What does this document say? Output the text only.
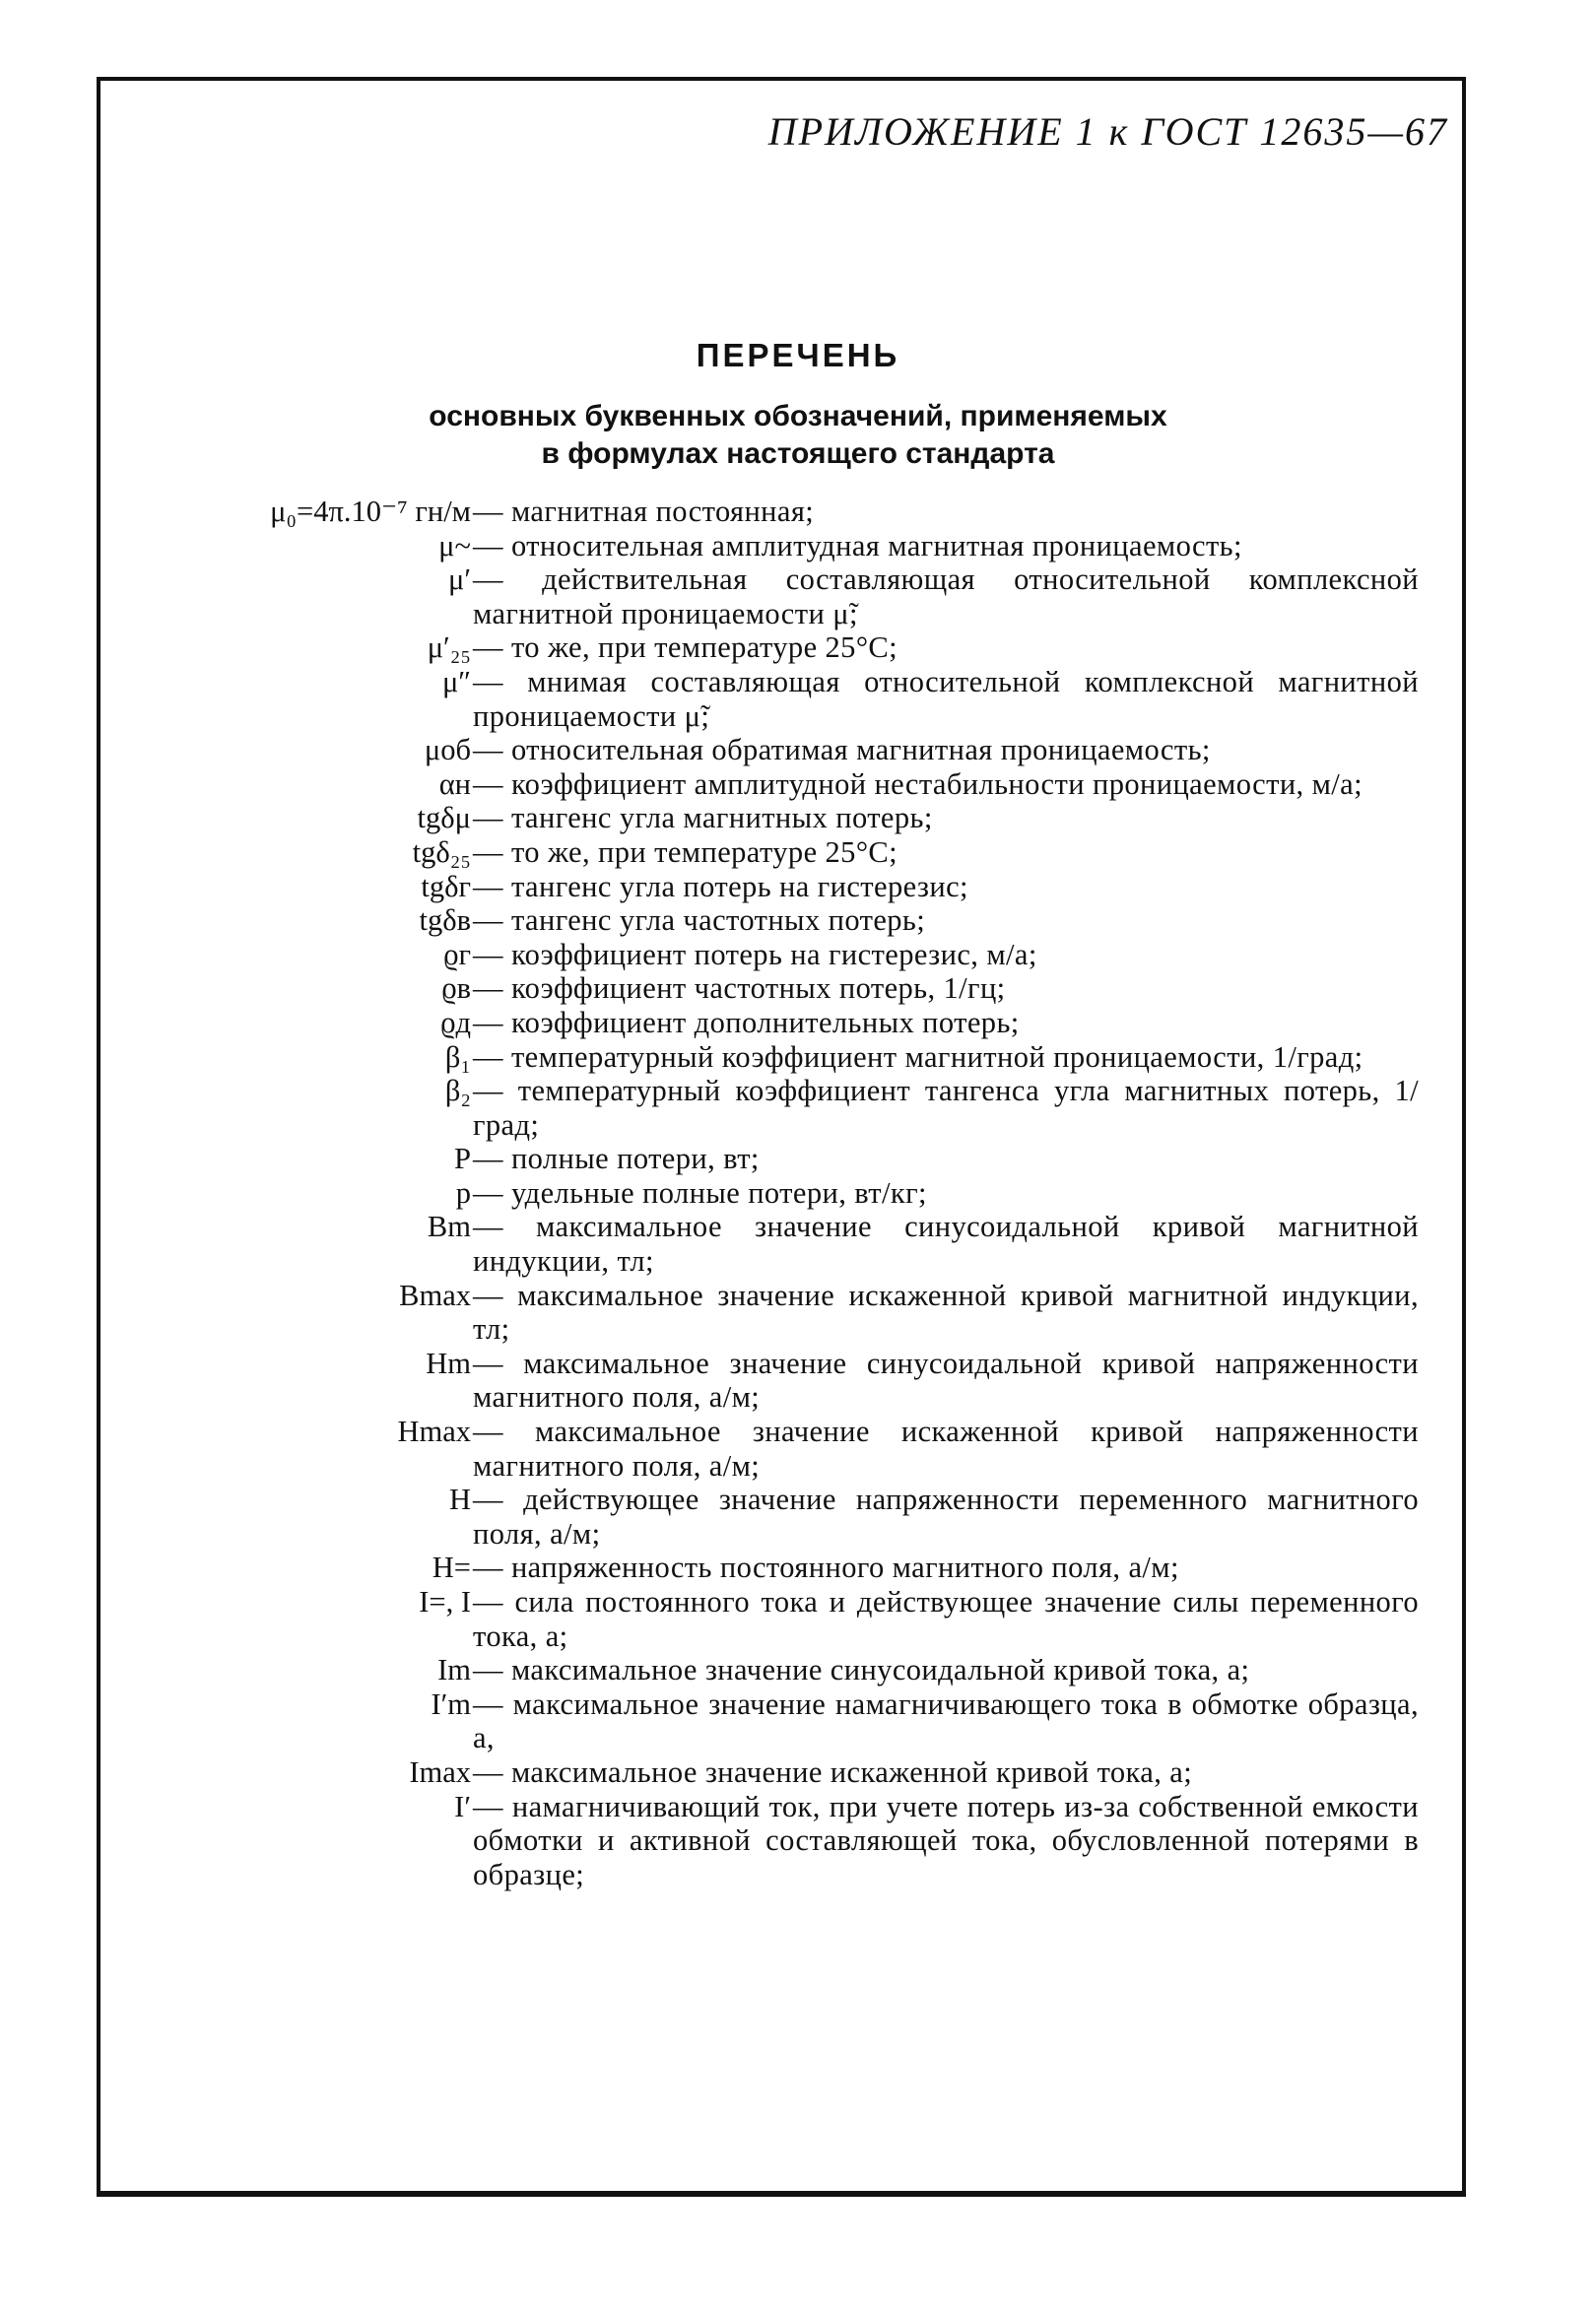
ПРИЛОЖЕНИЕ 1 к ГОСТ 12635—67
ПЕРЕЧЕНЬ
основных буквенных обозначений, применяемых
в формулах настоящего стандарта
μ₀=4π.10⁻⁷ гн/м	— магнитная постоянная;
μ~	— относительная амплитудная магнитная проницаемость;
μ′	— действительная составляющая относительной комплексной магнитной проницаемости μ̃;
μ′₂₅	— то же, при температуре 25°С;
μ″	— мнимая составляющая относительной комплексной магнитной проницаемости μ̃;
μоб	— относительная обратимая магнитная проницаемость;
αн	— коэффициент амплитудной нестабильности проницаемости, м/а;
tgδμ	— тангенс угла магнитных потерь;
tgδ₂₅	— то же, при температуре 25°С;
tgδг	— тангенс угла потерь на гистерезис;
tgδв	— тангенс угла частотных потерь;
ϱг	— коэффициент потерь на гистерезис, м/а;
ϱв	— коэффициент частотных потерь, 1/гц;
ϱд	— коэффициент дополнительных потерь;
β₁	— температурный коэффициент магнитной проницаемости, 1/град;
β₂	— температурный коэффициент тангенса угла магнитных потерь, 1/град;
P	— полные потери, вт;
p	— удельные полные потери, вт/кг;
Bm	— максимальное значение синусоидальной кривой магнитной индукции, тл;
Bmax	— максимальное значение искаженной кривой магнитной индукции, тл;
Hm	— максимальное значение синусоидальной кривой напряженности магнитного поля, а/м;
Hmax	— максимальное значение искаженной кривой напряженности магнитного поля, а/м;
H	— действующее значение напряженности переменного магнитного поля, а/м;
H=	— напряженность постоянного магнитного поля, а/м;
I=, I	— сила постоянного тока и действующее значение силы переменного тока, а;
Im	— максимальное значение синусоидальной кривой тока, а;
I′m	— максимальное значение намагничивающего тока в обмотке образца, а,
Imax	— максимальное значение искаженной кривой тока, а;
I′	— намагничивающий ток, при учете потерь из-за собственной емкости обмотки и активной составляющей тока, обусловленной потерями в образце;
